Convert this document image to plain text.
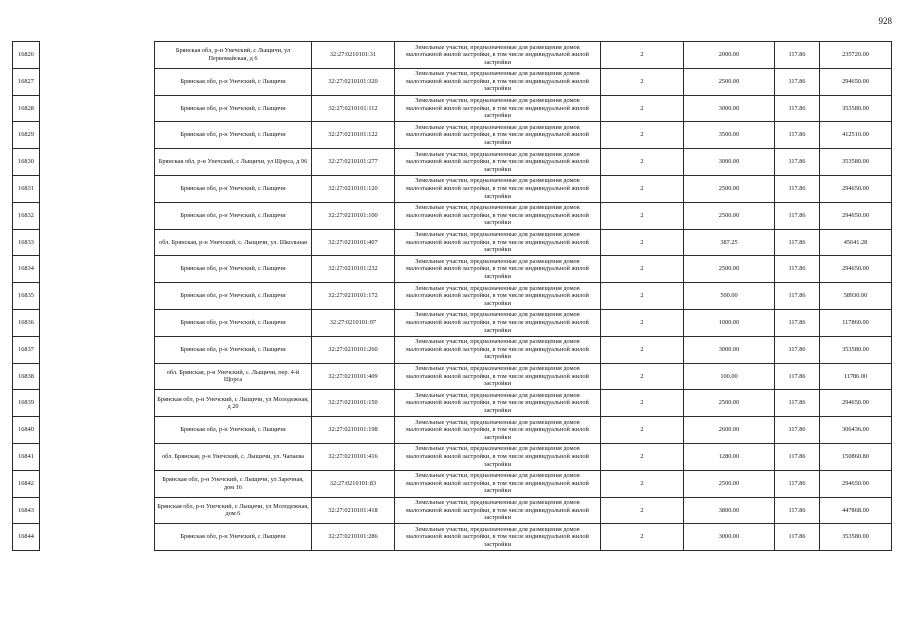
928
16826		Брянская обл, р-н Унечский, с Лыщичи, ул Первомайская, д 6	32:27:0210101:31	Земельные участки, предназначенные для размещения домов малоэтажной жилой застройки, в том числе индивидуальной жилой застройки	2	2000.00	117.86	235720.00
16827		Брянская обл, р-н Унечский, с Лыщичи	32:27:0210101:320	Земельные участки, предназначенные для размещения домов малоэтажной жилой застройки, в том числе индивидуальной жилой застройки	2	2500.00	117.86	294650.00
16828		Брянская обл, р-н Унечский, с Лыщичи	32:27:0210101:112	Земельные участки, предназначенные для размещения домов малоэтажной жилой застройки, в том числе индивидуальной жилой застройки	2	3000.00	117.86	353580.00
16829		Брянская обл, р-н Унечский, с Лыщичи	32:27:0210101:122	Земельные участки, предназначенные для размещения домов малоэтажной жилой застройки, в том числе индивидуальной жилой застройки	2	3500.00	117.86	412510.00
16830		Брянская обл, р-н Унечский, с Лыщичи, ул Щорса, д 96	32:27:0210101:277	Земельные участки, предназначенные для размещения домов малоэтажной жилой застройки, в том числе индивидуальной жилой застройки	2	3000.00	117.86	353580.00
16831		Брянская обл, р-н Унечский, с Лыщичи	32:27:0210101:120	Земельные участки, предназначенные для размещения домов малоэтажной жилой застройки, в том числе индивидуальной жилой застройки	2	2500.00	117.86	294650.00
16832		Брянская обл, р-н Унечский, с Лыщичи	32:27:0210101:100	Земельные участки, предназначенные для размещения домов малоэтажной жилой застройки, в том числе индивидуальной жилой застройки	2	2500.00	117.86	294650.00
16833		обл. Брянская, р-н Унечский, с. Лыщичи, ул. Школьная	32:27:0210101:407	Земельные участки, предназначенные для размещения домов малоэтажной жилой застройки, в том числе индивидуальной жилой застройки	2	387.25	117.86	45641.28
16834		Брянская обл, р-н Унечский, с Лыщичи	32:27:0210101:232	Земельные участки, предназначенные для размещения домов малоэтажной жилой застройки, в том числе индивидуальной жилой застройки	2	2500.00	117.86	294650.00
16835		Брянская обл, р-н Унечский, с Лыщичи	32:27:0210101:172	Земельные участки, предназначенные для размещения домов малоэтажной жилой застройки, в том числе индивидуальной жилой застройки	2	500.00	117.86	58930.00
16836		Брянская обл, р-н Унечский, с Лыщичи	32:27:0210101:97	Земельные участки, предназначенные для размещения домов малоэтажной жилой застройки, в том числе индивидуальной жилой застройки	2	1000.00	117.86	117860.00
16837		Брянская обл, р-н Унечский, с Лыщичи	32:27:0210101:260	Земельные участки, предназначенные для размещения домов малоэтажной жилой застройки, в том числе индивидуальной жилой застройки	2	3000.00	117.86	353580.00
16838		обл. Брянская, р-н Унечский, с. Лыщичи, пер. 4-й Щорса	32:27:0210101:409	Земельные участки, предназначенные для размещения домов малоэтажной жилой застройки, в том числе индивидуальной жилой застройки	2	100.00	117.86	11786.00
16839		Брянская обл, р-н Унечский, с Лыщичи, ул Молодежная, д 20	32:27:0210101:150	Земельные участки, предназначенные для размещения домов малоэтажной жилой застройки, в том числе индивидуальной жилой застройки	2	2500.00	117.86	294650.00
16840		Брянская обл, р-н Унечский, с Лыщичи	32:27:0210101:198	Земельные участки, предназначенные для размещения домов малоэтажной жилой застройки, в том числе индивидуальной жилой застройки	2	2600.00	117.86	306436.00
16841		обл. Брянская, р-н Унечский, с. Лыщичи, ул. Чапаева	32:27:0210101:416	Земельные участки, предназначенные для размещения домов малоэтажной жилой застройки, в том числе индивидуальной жилой застройки	2	1280.00	117.86	150860.80
16842		Брянская обл, р-н Унечский, с Лыщичи, ул Заречная, дом 16	32:27:0210101:83	Земельные участки, предназначенные для размещения домов малоэтажной жилой застройки, в том числе индивидуальной жилой застройки	2	2500.00	117.86	294650.00
16843		Брянская обл, р-н Унечский, с Лыщичи, ул Молодежная, дом 6	32:27:0210101:418	Земельные участки, предназначенные для размещения домов малоэтажной жилой застройки, в том числе индивидуальной жилой застройки	2	3800.00	117.86	447868.00
16844		Брянская обл, р-н Унечский, с Лыщичи	32:27:0210101:286	Земельные участки, предназначенные для размещения домов малоэтажной жилой застройки, в том числе индивидуальной жилой застройки	2	3000.00	117.86	353580.00
